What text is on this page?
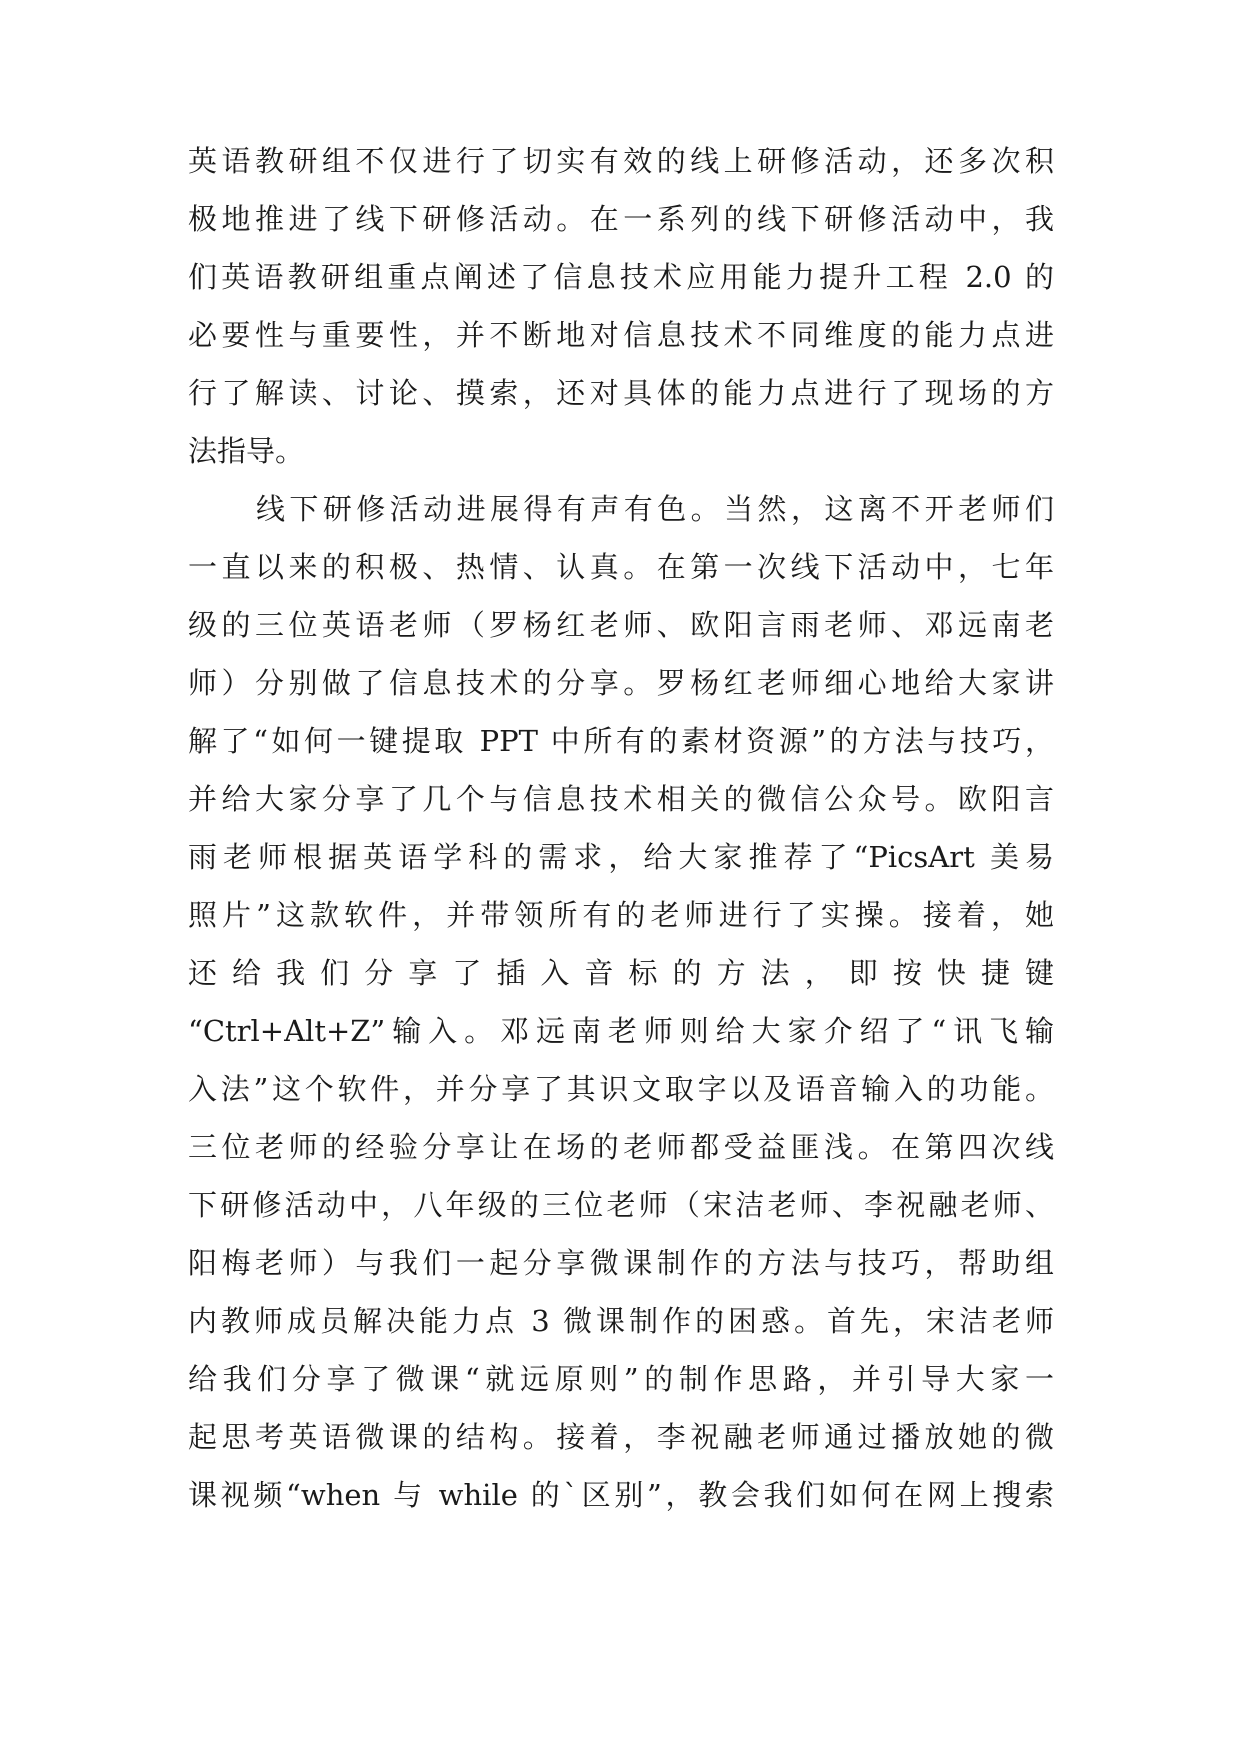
英语教研组不仅进行了切实有效的线上研修活动，还多次积
极地推进了线下研修活动。在一系列的线下研修活动中，我
们英语教研组重点阐述了信息技术应用能力提升工程 2.0 的
必要性与重要性，并不断地对信息技术不同维度的能力点进
行了解读、讨论、摸索，还对具体的能力点进行了现场的方
法指导。
线下研修活动进展得有声有色。当然，这离不开老师们
一直以来的积极、热情、认真。在第一次线下活动中，七年
级的三位英语老师（罗杨红老师、欧阳言雨老师、邓远南老
师）分别做了信息技术的分享。罗杨红老师细心地给大家讲
解了“如何一键提取 PPT 中所有的素材资源”的方法与技巧，
并给大家分享了几个与信息技术相关的微信公众号。欧阳言
雨老师根据英语学科的需求，给大家推荐了“PicsArt 美易
照片”这款软件，并带领所有的老师进行了实操。接着，她
还 给 我 们 分 享 了 插 入 音 标 的 方 法 ， 即 按 快 捷 键
“Ctrl+Alt+Z”输入。邓远南老师则给大家介绍了“讯飞输
入法”这个软件，并分享了其识文取字以及语音输入的功能。
三位老师的经验分享让在场的老师都受益匪浅。在第四次线
下研修活动中，八年级的三位老师（宋洁老师、李祝融老师、
阳梅老师）与我们一起分享微课制作的方法与技巧，帮助组
内教师成员解决能力点 3 微课制作的困惑。首先，宋洁老师
给我们分享了微课“就远原则”的制作思路，并引导大家一
起思考英语微课的结构。接着，李祝融老师通过播放她的微
课视频“when 与 while 的`区别”，教会我们如何在网上搜索
